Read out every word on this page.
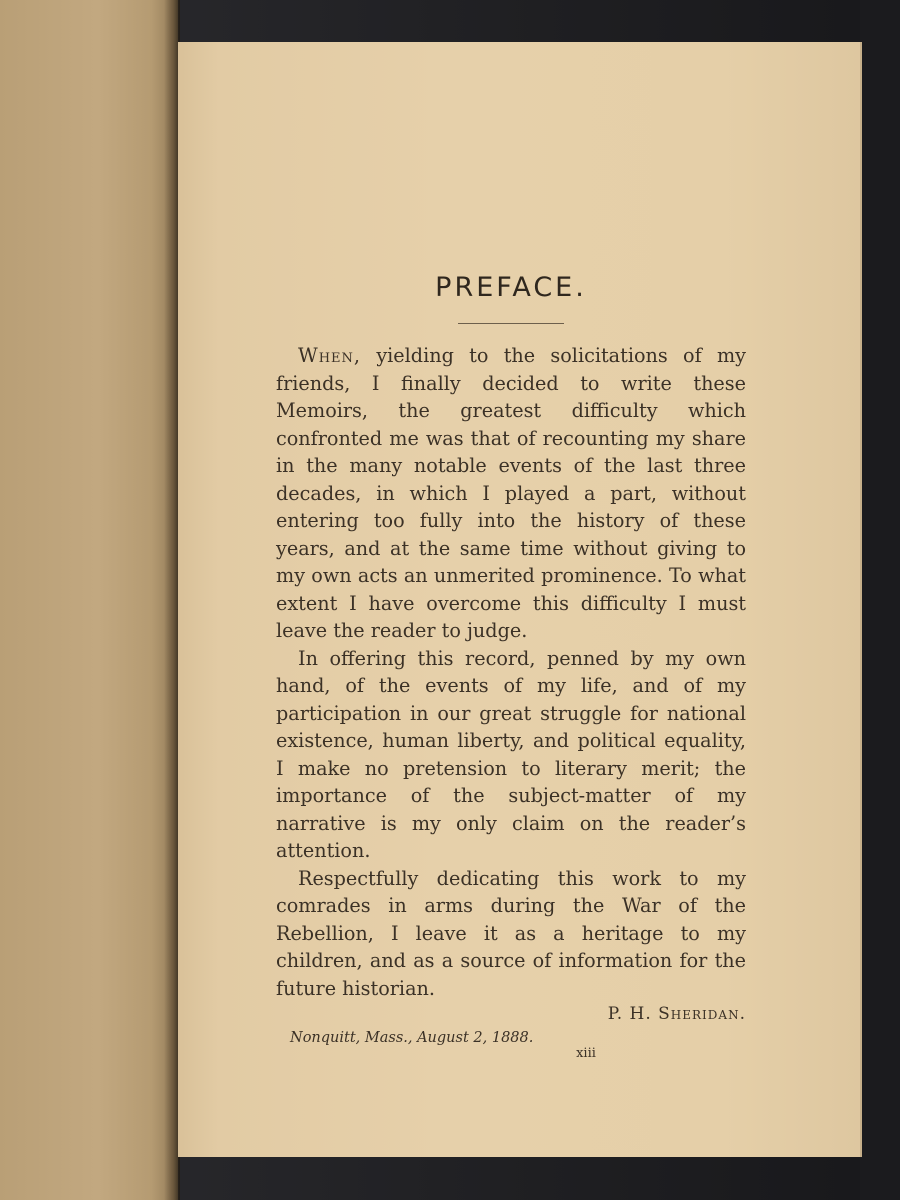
PREFACE.

When, yielding to the solicitations of my friends, I finally decided to write these Memoirs, the greatest difficulty which confronted me was that of recounting my share in the many notable events of the last three decades, in which I played a part, without entering too fully into the history of these years, and at the same time without giving to my own acts an unmerited prominence. To what extent I have overcome this difficulty I must leave the reader to judge.

In offering this record, penned by my own hand, of the events of my life, and of my participation in our great struggle for national existence, human liberty, and political equality, I make no pretension to literary merit; the importance of the subject-matter of my narrative is my only claim on the reader’s attention.

Respectfully dedicating this work to my comrades in arms during the War of the Rebellion, I leave it as a heritage to my children, and as a source of information for the future historian.

P. H. Sheridan.
Nonquitt, Mass., August 2, 1888.
xiii
